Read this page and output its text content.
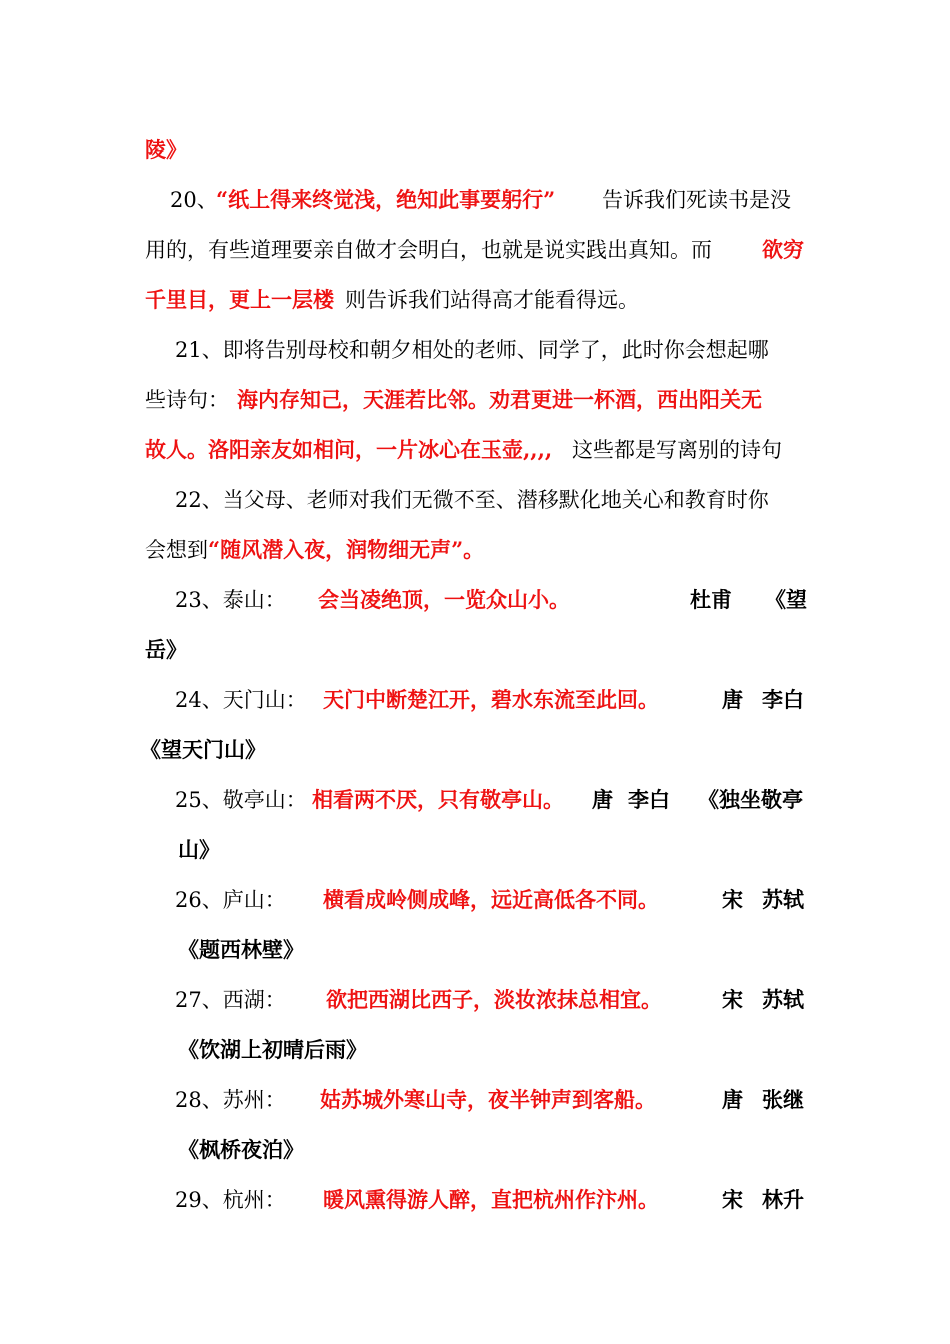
陵》
20、
“纸上得来终觉浅，绝知此事要躬行” 告诉我们死读书是没
用的，有些道理要亲自做才会明白，也就是说实践出真知。而 欲穷
千里目，更上一层楼 则告诉我们站得高才能看得远。
21、即将告别母校和朝夕相处的老师、同学了，此时你会想起哪
些诗句： 海内存知己，天涯若比邻。劝君更进一杯酒，西出阳关无
故人。洛阳亲友如相问，一片冰心在玉壶,,,, 这些都是写离别的诗句
22、当父母、老师对我们无微不至、潜移默化地关心和教育时你
会想到 “随风潜入夜，润物细无声”。
23、泰山： 会当凌绝顶，一览众山小。	杜甫 《望
岳》
24、天门山： 天门中断楚江开，碧水东流至此回。	唐 李白
《望天门山》
25、敬亭山： 相看两不厌，只有敬亭山。 唐 李白 《独坐敬亭
山》
26、庐山： 横看成岭侧成峰，远近高低各不同。	宋 苏轼
《题西林壁》
27、西湖： 欲把西湖比西子，淡妆浓抹总相宜。	宋 苏轼
《饮湖上初晴后雨》
28、苏州： 姑苏城外寒山寺，夜半钟声到客船。	唐 张继
《枫桥夜泊》
29、杭州： 暖风熏得游人醉，直把杭州作汴州。	宋 林升
